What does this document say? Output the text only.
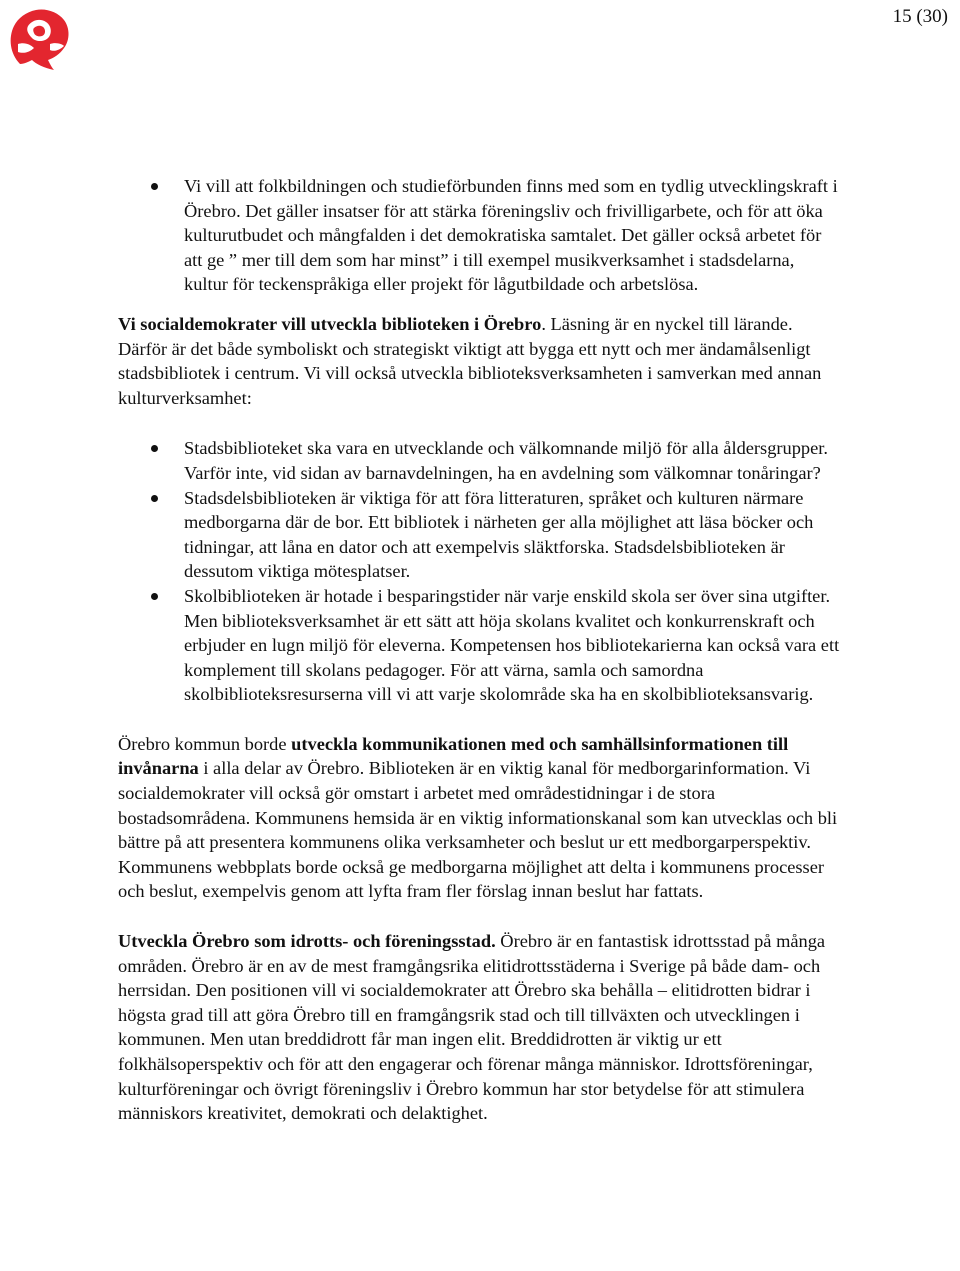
15 (30)
Vi vill att folkbildningen och studieförbunden finns med som en tydlig utvecklingskraft i Örebro. Det gäller insatser för att stärka föreningsliv och frivilligarbete, och för att öka kulturutbudet och mångfalden i det demokratiska samtalet. Det gäller också arbetet för att ge ” mer till dem som har minst” i till exempel musikverksamhet i stadsdelarna, kultur för teckenspråkiga eller projekt för lågutbildade och arbetslösa.

Vi socialdemokrater vill utveckla biblioteken i Örebro. Läsning är en nyckel till lärande. Därför är det både symboliskt och strategiskt viktigt att bygga ett nytt och mer ändamålsenligt stadsbibliotek i centrum. Vi vill också utveckla biblioteksverksamheten i samverkan med annan kulturverksamhet:

Stadsbiblioteket ska vara en utvecklande och välkomnande miljö för alla åldersgrupper. Varför inte, vid sidan av barnavdelningen, ha en avdelning som välkomnar tonåringar?
Stadsdelsbiblioteken är viktiga för att föra litteraturen, språket och kulturen närmare medborgarna där de bor. Ett bibliotek i närheten ger alla möjlighet att läsa böcker och tidningar, att låna en dator och att exempelvis släktforska. Stadsdelsbiblioteken är dessutom viktiga mötesplatser.
Skolbiblioteken är hotade i besparingstider när varje enskild skola ser över sina utgifter. Men biblioteksverksamhet är ett sätt att höja skolans kvalitet och konkurrenskraft och erbjuder en lugn miljö för eleverna. Kompetensen hos bibliotekarierna kan också vara ett komplement till skolans pedagoger. För att värna, samla och samordna skolbiblioteksresurserna vill vi att varje skolområde ska ha en skolbiblioteksansvarig.

Örebro kommun borde utveckla kommunikationen med och samhällsinformationen till invånarna i alla delar av Örebro. Biblioteken är en viktig kanal för medborgarinformation. Vi socialdemokrater vill också gör omstart i arbetet med områdestidningar i de stora bostadsområdena. Kommunens hemsida är en viktig informationskanal som kan utvecklas och bli bättre på att presentera kommunens olika verksamheter och beslut ur ett medborgarperspektiv. Kommunens webbplats borde också ge medborgarna möjlighet att delta i kommunens processer och beslut, exempelvis genom att lyfta fram fler förslag innan beslut har fattats.

Utveckla Örebro som idrotts- och föreningsstad. Örebro är en fantastisk idrottsstad på många områden. Örebro är en av de mest framgångsrika elitidrottsstäderna i Sverige på både dam- och herrsidan. Den positionen vill vi socialdemokrater att Örebro ska behålla – elitidrotten bidrar i högsta grad till att göra Örebro till en framgångsrik stad och till tillväxten och utvecklingen i kommunen. Men utan breddidrott får man ingen elit. Breddidrotten är viktig ur ett folkhälsoperspektiv och för att den engagerar och förenar många människor. Idrottsföreningar, kulturföreningar och övrigt föreningsliv i Örebro kommun har stor betydelse för att stimulera människors kreativitet, demokrati och delaktighet.
